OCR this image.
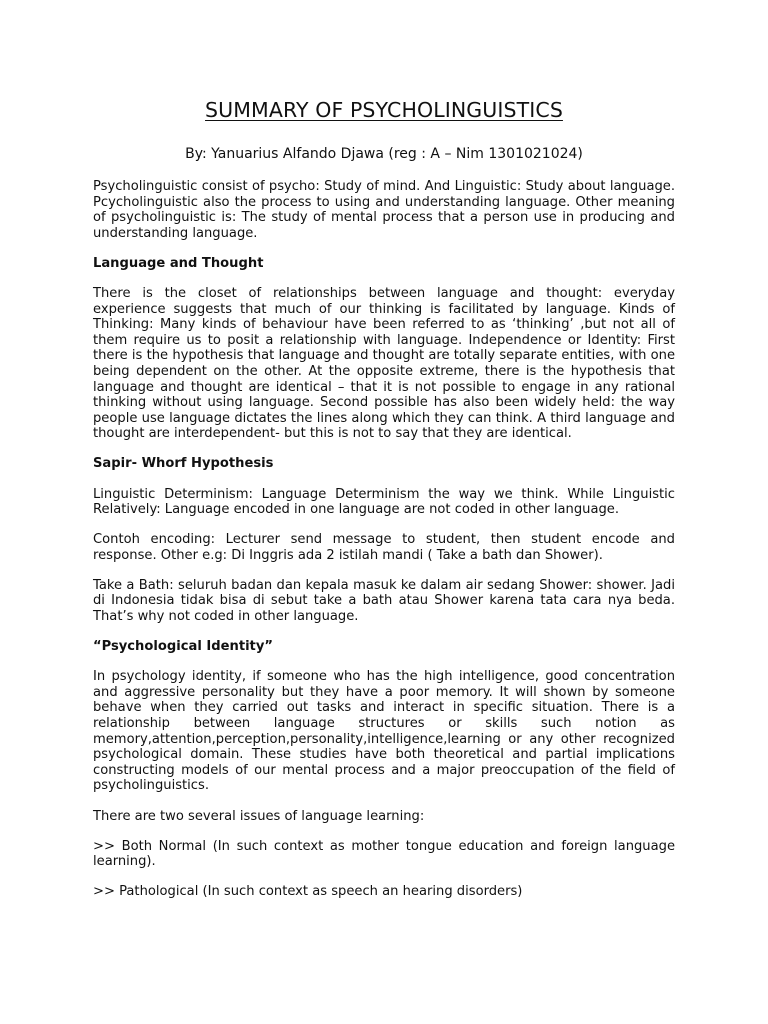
SUMMARY OF PSYCHOLINGUISTICS

By: Yanuarius Alfando Djawa (reg : A – Nim 1301021024)

Psycholinguistic consist of psycho: Study of mind. And Linguistic: Study about language. Pcycholinguistic also the process to using and understanding language. Other meaning of psycholinguistic is: The study of mental process that a person use in producing and understanding language.

Language and Thought

There is the closet of relationships between language and thought: everyday experience suggests that much of our thinking is facilitated by language. Kinds of Thinking: Many kinds of behaviour have been referred to as ‘thinking’ ,but not all of them require us to posit a relationship with language. Independence or Identity: First there is the hypothesis that language and thought are totally separate entities, with one being dependent on the other. At the opposite extreme, there is the hypothesis that language and thought are identical – that it is not possible to engage in any rational thinking without using language. Second possible has also been widely held: the way people use language dictates the lines along which they can think. A third language and thought are interdependent- but this is not to say that they are identical.

Sapir- Whorf Hypothesis

Linguistic Determinism: Language Determinism the way we think. While Linguistic Relatively: Language encoded in one language are not coded in other language.

Contoh encoding: Lecturer send message to student, then student encode and response. Other e.g: Di Inggris ada 2 istilah mandi ( Take a bath dan Shower).

Take a Bath: seluruh badan dan kepala masuk ke dalam air sedang Shower: shower. Jadi di Indonesia tidak bisa di sebut take a bath atau Shower karena tata cara nya beda. That’s why not coded in other language.

“Psychological Identity”

In psychology identity, if someone who has the high intelligence, good concentration and aggressive personality but they have a poor memory. It will shown by someone behave when they carried out tasks and interact in specific situation. There is a relationship between language structures or skills such notion as memory,attention,perception,personality,intelligence,learning or any other recognized psychological domain. These studies have both theoretical and partial implications constructing models of our mental process and a major preoccupation of the field of psycholinguistics.

There are two several issues of language learning:

>> Both Normal (In such context as mother tongue education and foreign language learning).

>> Pathological (In such context as speech an hearing disorders)
